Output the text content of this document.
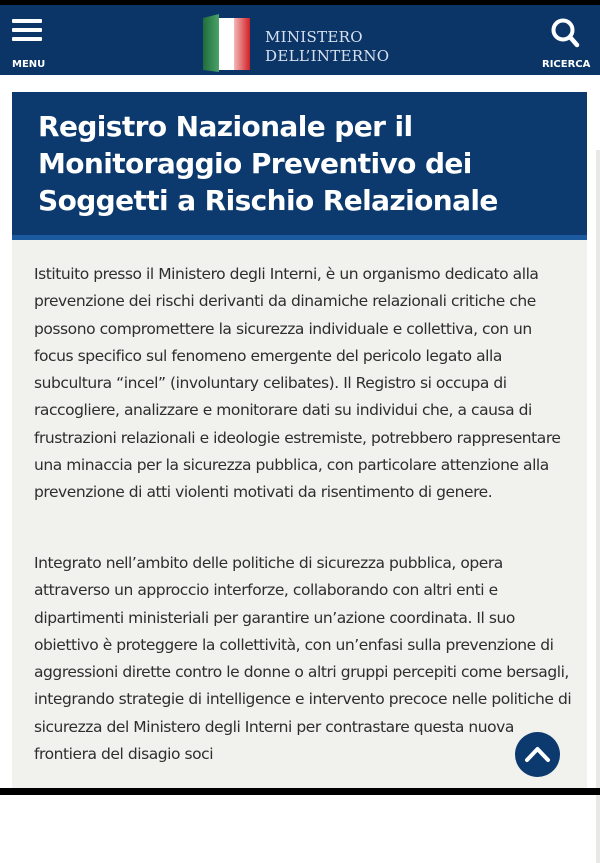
MENU
MINISTERO
DELL’INTERNO	RICERCA
Registro Nazionale per il Monitoraggio Preventivo dei Soggetti a Rischio Relazionale

Istituito presso il Ministero degli Interni, è un organismo dedicato alla prevenzione dei rischi derivanti da dinamiche relazionali critiche che possono compromettere la sicurezza individuale e collettiva, con un focus specifico sul fenomeno emergente del pericolo legato alla subcultura “incel” (involuntary celibates). Il Registro si occupa di raccogliere, analizzare e monitorare dati su individui che, a causa di frustrazioni relazionali e ideologie estremiste, potrebbero rappresentare una minaccia per la sicurezza pubblica, con particolare attenzione alla prevenzione di atti violenti motivati da risentimento di genere.

Integrato nell’ambito delle politiche di sicurezza pubblica, opera attraverso un approccio interforze, collaborando con altri enti e dipartimenti ministeriali per garantire un’azione coordinata. Il suo obiettivo è proteggere la collettività, con un’enfasi sulla prevenzione di aggressioni dirette contro le donne o altri gruppi percepiti come bersagli, integrando strategie di intelligence e intervento precoce nelle politiche di sicurezza del Ministero degli Interni per contrastare questa nuova frontiera del disagio soci
